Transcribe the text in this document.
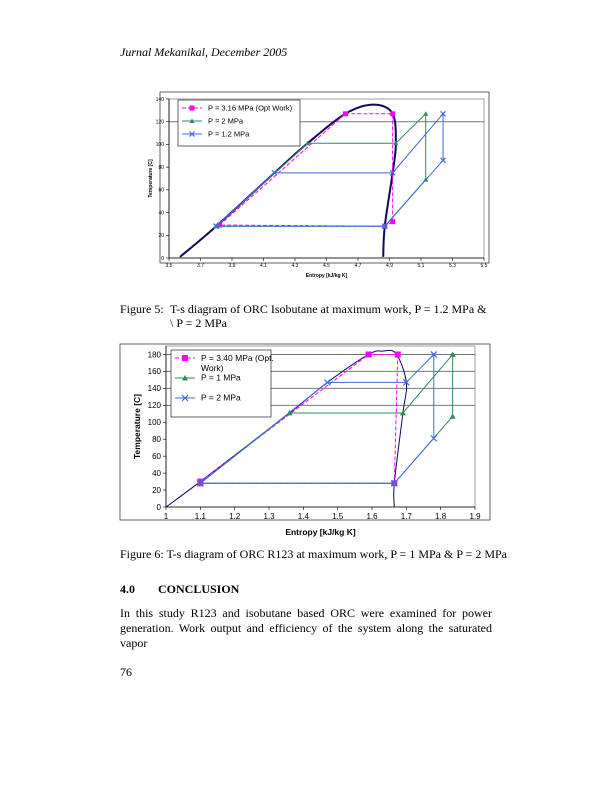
Jurnal Mekanikal, December 2005
3.5	3.7	3.9	4.1	4.3	4.5	4.7	4.9	5.1	5.3	5.5
0
20
40
60
80
100
120
140
Entropy [kJ/kg K]
Temperature [C]
P = 3.16 MPa (Opt Work)
P = 2 MPa
P = 1.2 MPa
Figure 5: T-s diagram of ORC Isobutane at maximum work, P = 1.2 MPa & \ P = 2 MPa
1	1.1	1.2	1.3	1.4	1.5	1.6	1.7	1.8	1.9
0
20
40
60
80
100
120
140
160
180
Entropy [kJ/kg K]
Temperature [C]
P = 3.40 MPa (Opt.
Work)
P = 1 MPa
P = 2 MPa
Figure 6: T-s diagram of ORC R123 at maximum work, P = 1 MPa & P = 2 MPa
4.0 CONCLUSION
In this study R123 and isobutane based ORC were examined for power generation. Work output and efficiency of the system along the saturated vapor
76
